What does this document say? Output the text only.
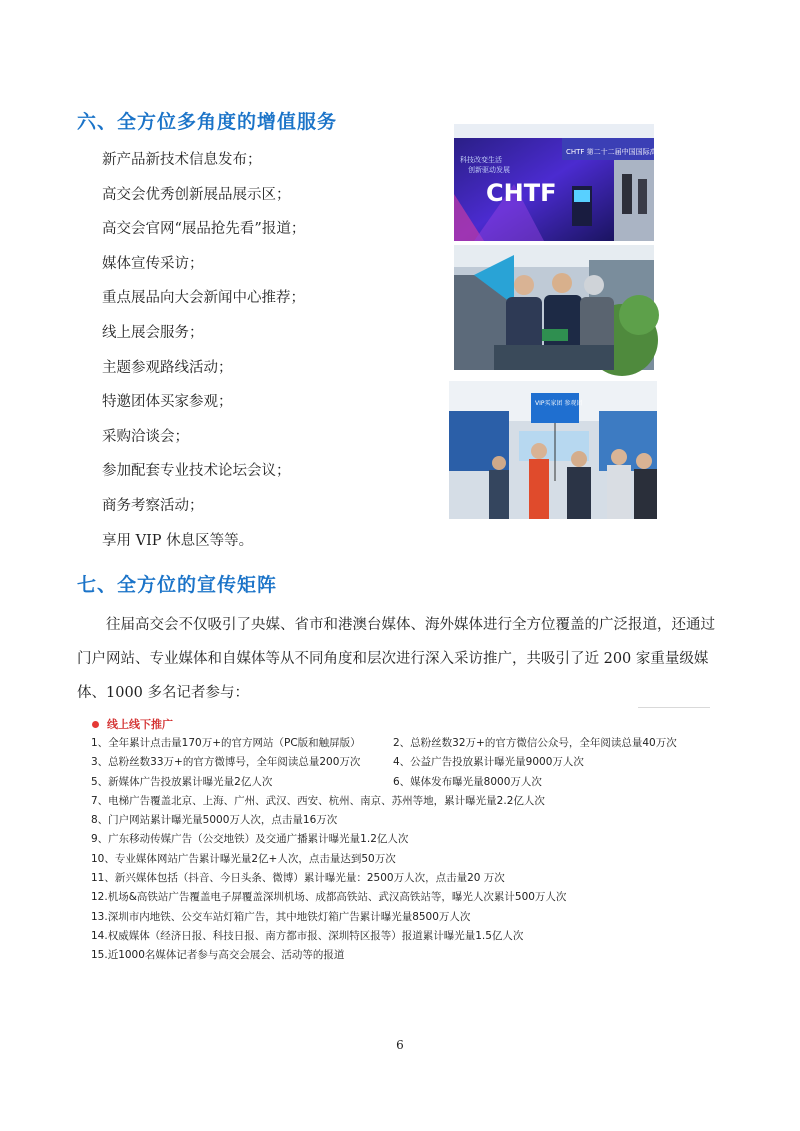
六、全方位多角度的增值服务
新产品新技术信息发布；
高交会优秀创新展品展示区；
高交会官网“展品抢先看”报道；
媒体宣传采访；
重点展品向大会新闻中心推荐；
线上展会服务；
主题参观路线活动；
特邀团体买家参观；
采购洽谈会；
参加配套专业技术论坛会议；
商务考察活动；
享用 VIP 休息区等等。
CHTF 第二十二届中国国际高新技术成果交易会
科技改变生活
创新驱动发展
CHTF
VIP买家团 参观团
七、全方位的宣传矩阵

往届高交会不仅吸引了央媒、省市和港澳台媒体、海外媒体进行全方位覆盖的广泛报道，还通过门户网站、专业媒体和自媒体等从不同角度和层次进行深入采访推广，共吸引了近 200 家重量级媒体、1000 多名记者参与：

线上线下推广
1、全年累计点击量170万+的官方网站（PC版和触屏版）	2、总粉丝数32万+的官方微信公众号，全年阅读总量40万次
3、总粉丝数33万+的官方微博号，全年阅读总量200万次	4、公益广告投放累计曝光量9000万人次
5、新媒体广告投放累计曝光量2亿人次	6、媒体发布曝光量8000万人次
7、电梯广告覆盖北京、上海、广州、武汉、西安、杭州、南京、苏州等地，累计曝光量2.2亿人次
8、门户网站累计曝光量5000万人次，点击量16万次
9、广东移动传媒广告（公交地铁）及交通广播累计曝光量1.2亿人次
10、专业媒体网站广告累计曝光量2亿+人次，点击量达到50万次
11、新兴媒体包括（抖音、今日头条、微博）累计曝光量：2500万人次，点击量20 万次
12.机场&高铁站广告覆盖电子屏覆盖深圳机场、成都高铁站、武汉高铁站等，曝光人次累计500万人次
13.深圳市内地铁、公交车站灯箱广告，其中地铁灯箱广告累计曝光量8500万人次
14.权威媒体（经济日报、科技日报、南方都市报、深圳特区报等）报道累计曝光量1.5亿人次
15.近1000名媒体记者参与高交会展会、活动等的报道
6
